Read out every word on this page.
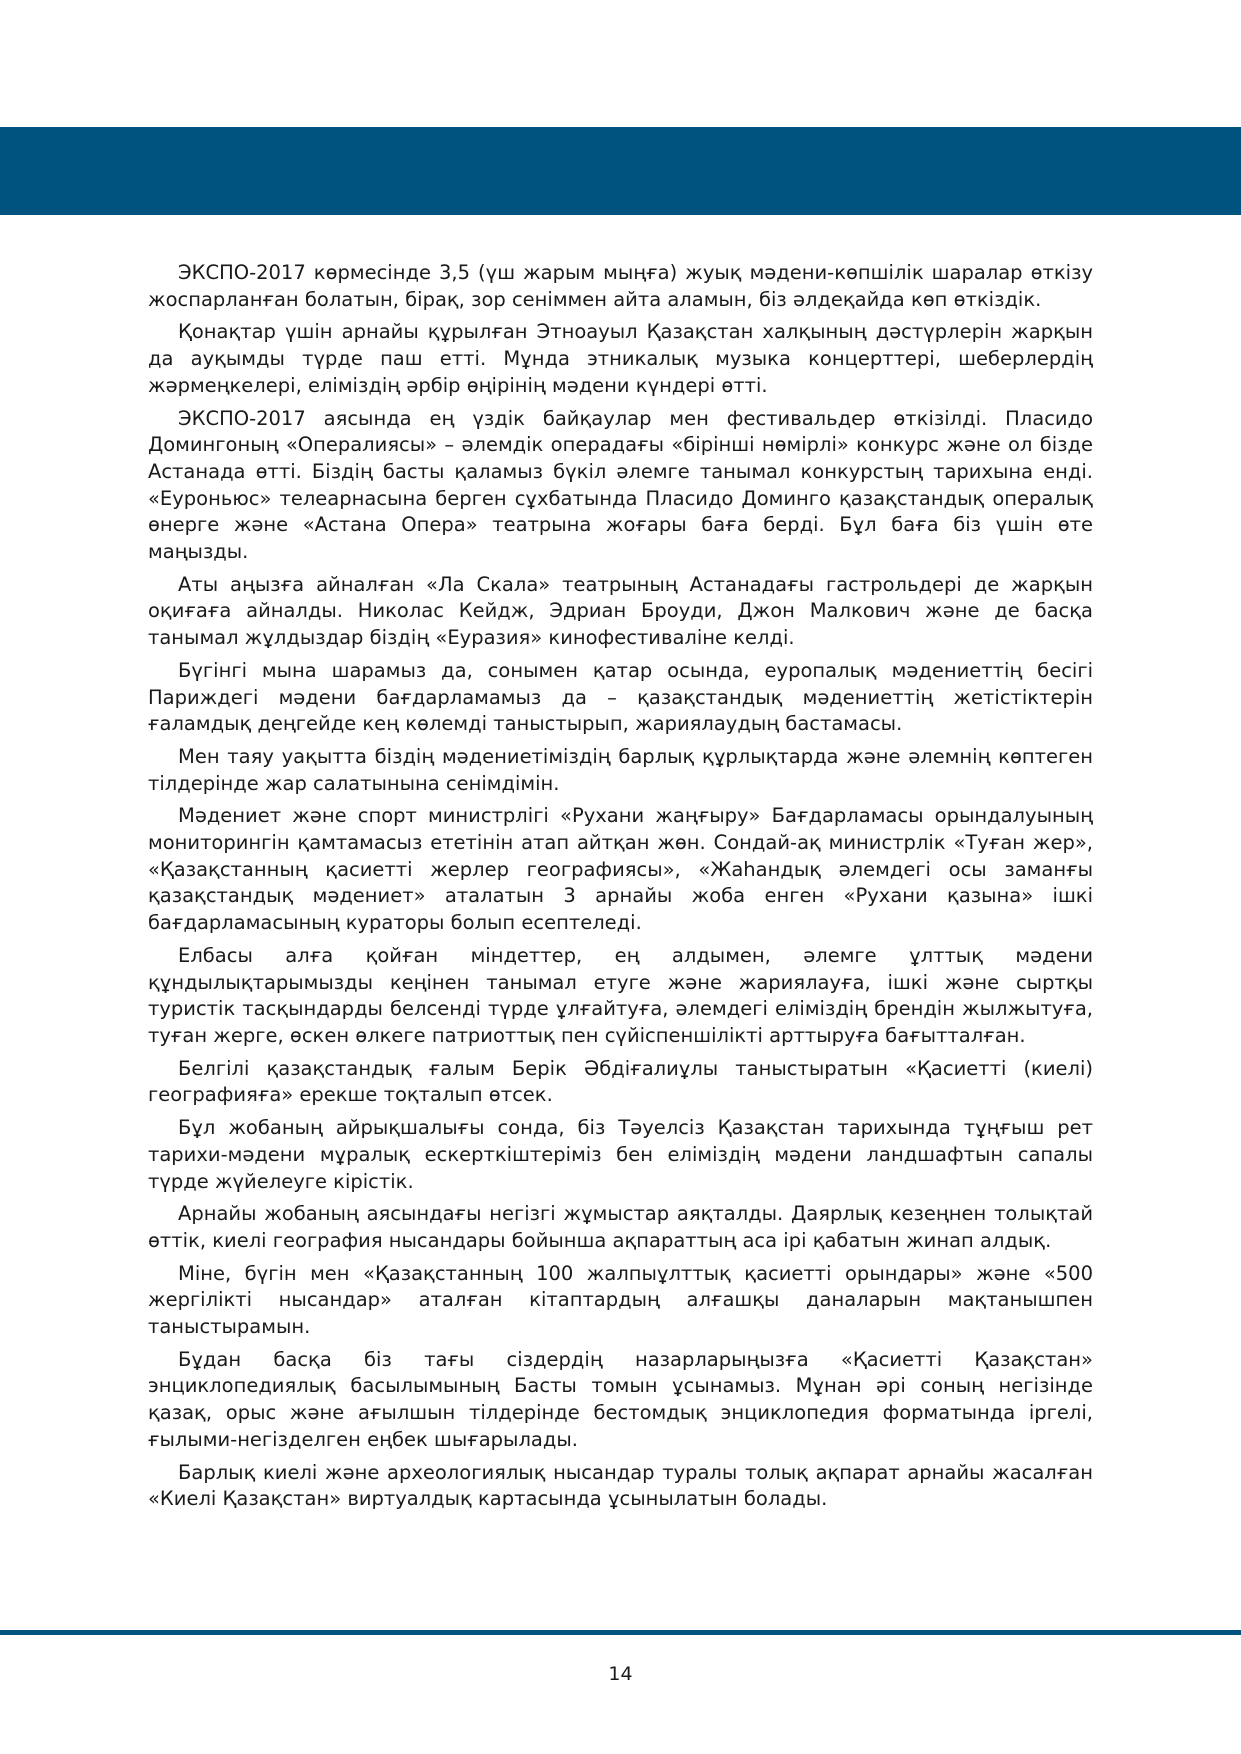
ЭКСПО-2017 көрмесінде 3,5 (үш жарым мыңға) жуық мәдени-көпшілік шаралар өткізу жоспарланған болатын, бірақ, зор сеніммен айта аламын, біз әлдеқайда көп өткіздік.

Қонақтар үшін арнайы құрылған Этноауыл Қазақстан халқының дәстүрлерін жарқын да ауқымды түрде паш етті. Мұнда этникалық музыка концерттері, шеберлердің жәрмеңкелері, еліміздің әрбір өңірінің мәдени күндері өтті.

ЭКСПО-2017 аясында ең үздік байқаулар мен фестивальдер өткізілді. Пласидо Домингоның «Опералиясы» – әлемдік операдағы «бірінші нөмірлі» конкурс және ол бізде Астанада өтті. Біздің басты қаламыз бүкіл әлемге танымал конкурстың тарихына енді. «Еуроньюс» телеарнасына берген сұхбатында Пласидо Доминго қазақстандық оперaлық өнерге және «Астана Опера» театрына жоғары баға берді. Бұл баға біз үшін өте маңызды.

Аты аңызға айналған «Ла Скала» театрының Астанадағы гастрольдері де жарқын оқиғаға айналды. Николас Кейдж, Эдриан Броуди, Джон Малкович және де басқа танымал жұлдыздар біздің «Еуразия» кинофестиваліне келді.

Бүгінгі мына шарамыз да, сонымен қатар осында, еуропалық мәдениеттің бесігі Париждегі мәдени бағдарламамыз да – қазақстандық мәдениеттің жетістіктерін ғаламдық деңгейде кең көлемді таныстырып, жариялаудың бастамасы.

Мен таяу уақытта біздің мәдениетіміздің барлық құрлықтарда және әлемнің көптеген тілдерінде жар салатынына сенімдімін.

Мәдениет және спорт министрлігі «Рухани жаңғыру» Бағдарламасы орындалуының мониторингін қамтамасыз ететінін атап айтқан жөн. Сондай-ақ министрлік «Туған жер», «Қазақстанның қасиетті жерлер географиясы», «Жаhандық әлемдегі осы заманғы қазақстандық мәдениет» аталатын 3 арнайы жоба енген «Рухани қазына» ішкі бағдарламасының кураторы болып есептеледі.

Елбасы алға қойған міндеттер, ең алдымен, әлемге ұлттық мәдени құндылықтарымызды кеңінен танымал етуге және жариялауға, ішкі және сыртқы туристік тасқындарды белсенді түрде ұлғайтуға, әлемдегі еліміздің брендін жылжытуға, туған жерге, өскен өлкеге патриоттық пен сүйіспеншілікті арттыруға бағытталған.

Белгілі қазақстандық ғалым Берік Әбдіғалиұлы таныстыратын «Қасиетті (киелі) географияға» ерекше тоқталып өтсек.

Бұл жобаның айрықшалығы сонда, біз Тәуелсіз Қазақстан тарихында тұңғыш рет тарихи-мәдени мұралық ескерткіштеріміз бен еліміздің мәдени ландшафтын сапалы түрде жүйелеуге кірістік.

Арнайы жобаның аясындағы негізгі жұмыстар аяқталды. Даярлық кезеңнен толықтай өттік, киелі география нысандары бойынша ақпараттың аса ірі қабатын жинап алдық.

Міне, бүгін мен «Қазақстанның 100 жалпыұлттық қасиетті орындары» және «500 жергілікті нысандар» аталған кітаптардың алғашқы даналарын мақтанышпен таныстырамын.

Бұдан басқа біз тағы сіздердің назарларыңызға «Қасиетті Қазақстан» энциклопедиялық басылымының Басты томын ұсынамыз. Мұнан әрі соның негізінде қазақ, орыс және ағылшын тілдерінде бестомдық энциклопедия форматында іргелі, ғылыми-негізделген еңбек шығарылады.

Барлық киелі және археологиялық нысандар туралы толық ақпарат арнайы жасалған «Киелі Қазақстан» виртуалдық картасында ұсынылатын болады.

14
